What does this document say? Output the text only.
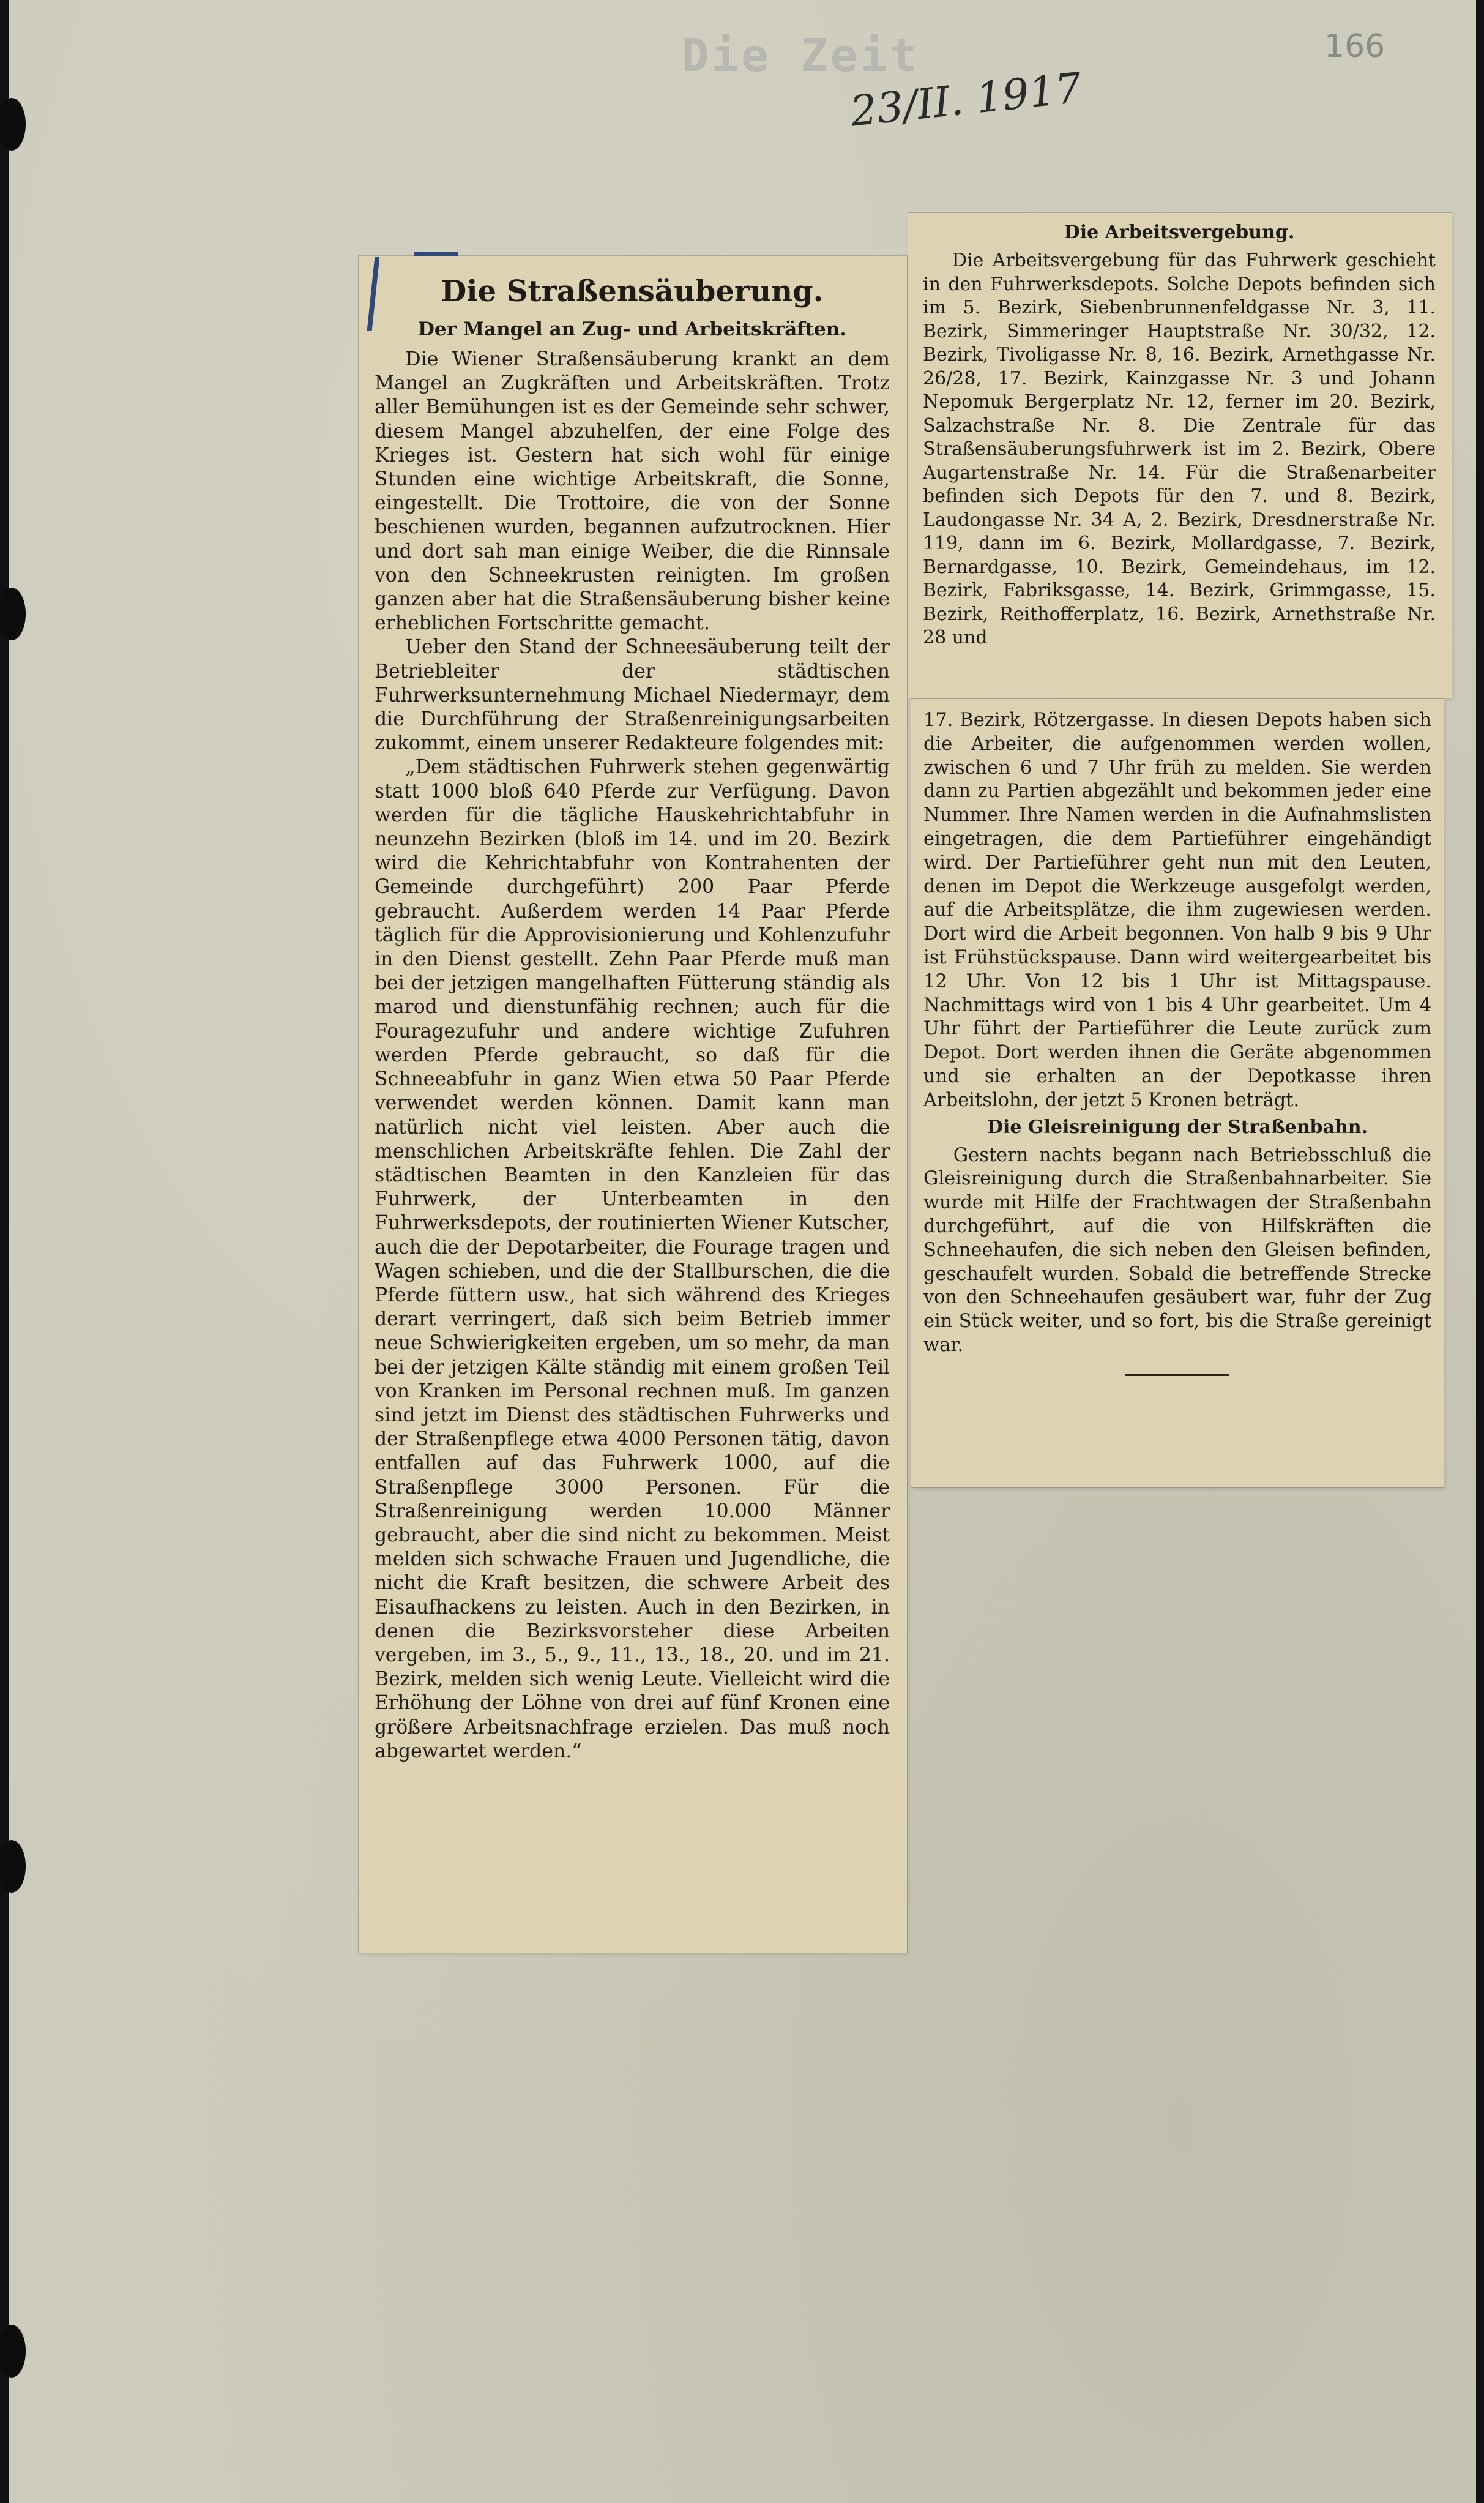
Die Zeit
23/II. 1917
166
Die Straßensäuberung.
Der Mangel an Zug- und Arbeitskräften.

Die Wiener Straßensäuberung krankt an dem Mangel an Zugkräften und Arbeitskräften. Trotz aller Bemühungen ist es der Gemeinde sehr schwer, diesem Mangel abzuhelfen, der eine Folge des Krieges ist. Gestern hat sich wohl für einige Stunden eine wichtige Arbeitskraft, die Sonne, eingestellt. Die Trottoire, die von der Sonne beschienen wurden, begannen aufzutrocknen. Hier und dort sah man einige Weiber, die die Rinnsale von den Schneekrusten reinigten. Im großen ganzen aber hat die Straßensäuberung bisher keine erheblichen Fortschritte gemacht.

Ueber den Stand der Schneesäuberung teilt der Betriebleiter der städtischen Fuhrwerksunternehmung Michael Niedermayr, dem die Durchführung der Straßenreinigungsarbeiten zukommt, einem unserer Redakteure folgendes mit:

„Dem städtischen Fuhrwerk stehen gegenwärtig statt 1000 bloß 640 Pferde zur Verfügung. Davon werden für die tägliche Hauskehrichtabfuhr in neunzehn Bezirken (bloß im 14. und im 20. Bezirk wird die Kehrichtabfuhr von Kontrahenten der Gemeinde durchgeführt) 200 Paar Pferde gebraucht. Außerdem werden 14 Paar Pferde täglich für die Approvisionierung und Kohlenzufuhr in den Dienst gestellt. Zehn Paar Pferde muß man bei der jetzigen mangelhaften Fütterung ständig als marod und dienstunfähig rechnen; auch für die Fouragezufuhr und andere wichtige Zufuhren werden Pferde gebraucht, so daß für die Schneeabfuhr in ganz Wien etwa 50 Paar Pferde verwendet werden können. Damit kann man natürlich nicht viel leisten. Aber auch die menschlichen Arbeitskräfte fehlen. Die Zahl der städtischen Beamten in den Kanzleien für das Fuhrwerk, der Unterbeamten in den Fuhrwerksdepots, der routinierten Wiener Kutscher, auch die der Depotarbeiter, die Fourage tragen und Wagen schieben, und die der Stallburschen, die die Pferde füttern usw., hat sich während des Krieges derart verringert, daß sich beim Betrieb immer neue Schwierigkeiten ergeben, um so mehr, da man bei der jetzigen Kälte ständig mit einem großen Teil von Kranken im Personal rechnen muß. Im ganzen sind jetzt im Dienst des städtischen Fuhrwerks und der Straßenpflege etwa 4000 Personen tätig, davon entfallen auf das Fuhrwerk 1000, auf die Straßenpflege 3000 Personen. Für die Straßenreinigung werden 10.000 Männer gebraucht, aber die sind nicht zu bekommen. Meist melden sich schwache Frauen und Jugendliche, die nicht die Kraft besitzen, die schwere Arbeit des Eisaufhackens zu leisten. Auch in den Bezirken, in denen die Bezirksvorsteher diese Arbeiten vergeben, im 3., 5., 9., 11., 13., 18., 20. und im 21. Bezirk, melden sich wenig Leute. Vielleicht wird die Erhöhung der Löhne von drei auf fünf Kronen eine größere Arbeitsnachfrage erzielen. Das muß noch abgewartet werden.“

Die Arbeitsvergebung.

Die Arbeitsvergebung für das Fuhrwerk geschieht in den Fuhrwerksdepots. Solche Depots befinden sich im 5. Bezirk, Siebenbrunnenfeldgasse Nr. 3, 11. Bezirk, Simmeringer Hauptstraße Nr. 30/32, 12. Bezirk, Tivoligasse Nr. 8, 16. Bezirk, Arnethgasse Nr. 26/28, 17. Bezirk, Kainzgasse Nr. 3 und Johann Nepomuk Bergerplatz Nr. 12, ferner im 20. Bezirk, Salzachstraße Nr. 8. Die Zentrale für das Straßensäuberungsfuhrwerk ist im 2. Bezirk, Obere Augartenstraße Nr. 14. Für die Straßenarbeiter befinden sich Depots für den 7. und 8. Bezirk, Laudongasse Nr. 34 A, 2. Bezirk, Dresdnerstraße Nr. 119, dann im 6. Bezirk, Mollardgasse, 7. Bezirk, Bernardgasse, 10. Bezirk, Gemeindehaus, im 12. Bezirk, Fabriksgasse, 14. Bezirk, Grimmgasse, 15. Bezirk, Reithofferplatz, 16. Bezirk, Arnethstraße Nr. 28 und

17. Bezirk, Rötzergasse. In diesen Depots haben sich die Arbeiter, die aufgenommen werden wollen, zwischen 6 und 7 Uhr früh zu melden. Sie werden dann zu Partien abgezählt und bekommen jeder eine Nummer. Ihre Namen werden in die Aufnahmslisten eingetragen, die dem Partieführer eingehändigt wird. Der Partieführer geht nun mit den Leuten, denen im Depot die Werkzeuge ausgefolgt werden, auf die Arbeitsplätze, die ihm zugewiesen werden. Dort wird die Arbeit begonnen. Von halb 9 bis 9 Uhr ist Frühstückspause. Dann wird weitergearbeitet bis 12 Uhr. Von 12 bis 1 Uhr ist Mittagspause. Nachmittags wird von 1 bis 4 Uhr gearbeitet. Um 4 Uhr führt der Partieführer die Leute zurück zum Depot. Dort werden ihnen die Geräte abgenommen und sie erhalten an der Depotkasse ihren Arbeitslohn, der jetzt 5 Kronen beträgt.

Die Gleisreinigung der Straßenbahn.

Gestern nachts begann nach Betriebsschluß die Gleisreinigung durch die Straßenbahnarbeiter. Sie wurde mit Hilfe der Frachtwagen der Straßenbahn durchgeführt, auf die von Hilfskräften die Schneehaufen, die sich neben den Gleisen befinden, geschaufelt wurden. Sobald die betreffende Strecke von den Schneehaufen gesäubert war, fuhr der Zug ein Stück weiter, und so fort, bis die Straße gereinigt war.
